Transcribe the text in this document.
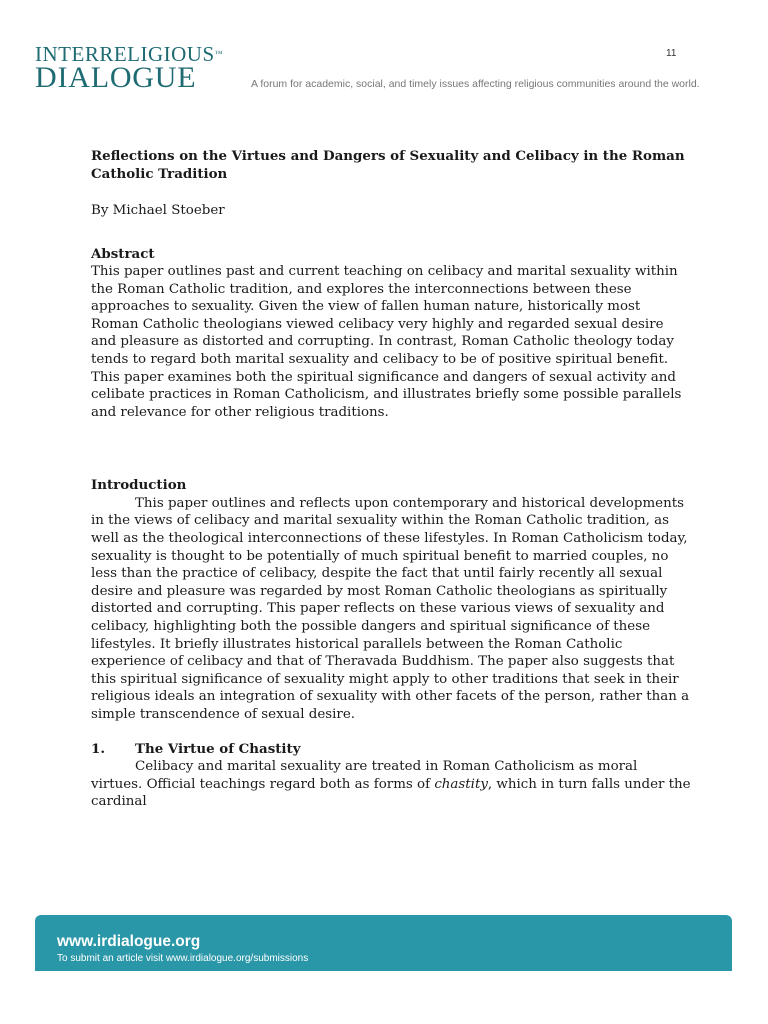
INTERRELIGIOUS™
DIALOGUE
11
A forum for academic, social, and timely issues affecting religious communities around the world.
Reflections on the Virtues and Dangers of Sexuality and Celibacy in the Roman Catholic Tradition

By Michael Stoeber

Abstract

This paper outlines past and current teaching on celibacy and marital sexuality within the Roman Catholic tradition, and explores the interconnections between these approaches to sexuality. Given the view of fallen human nature, historically most Roman Catholic theologians viewed celibacy very highly and regarded sexual desire and pleasure as distorted and corrupting. In contrast, Roman Catholic theology today tends to regard both marital sexuality and celibacy to be of positive spiritual benefit. This paper examines both the spiritual significance and dangers of sexual activity and celibate practices in Roman Catholicism, and illustrates briefly some possible parallels and relevance for other religious traditions.

Introduction

This paper outlines and reflects upon contemporary and historical developments in the views of celibacy and marital sexuality within the Roman Catholic tradition, as well as the theological interconnections of these lifestyles. In Roman Catholicism today, sexuality is thought to be potentially of much spiritual benefit to married couples, no less than the practice of celibacy, despite the fact that until fairly recently all sexual desire and pleasure was regarded by most Roman Catholic theologians as spiritually distorted and corrupting. This paper reflects on these various views of sexuality and celibacy, highlighting both the possible dangers and spiritual significance of these lifestyles. It briefly illustrates historical parallels between the Roman Catholic experience of celibacy and that of Theravada Buddhism. The paper also suggests that this spiritual significance of sexuality might apply to other traditions that seek in their religious ideals an integration of sexuality with other facets of the person, rather than a simple transcendence of sexual desire.

1.	The Virtue of Chastity

Celibacy and marital sexuality are treated in Roman Catholicism as moral virtues. Official teachings regard both as forms of chastity, which in turn falls under the cardinal

www.irdialogue.org
To submit an article visit www.irdialogue.org/submissions
